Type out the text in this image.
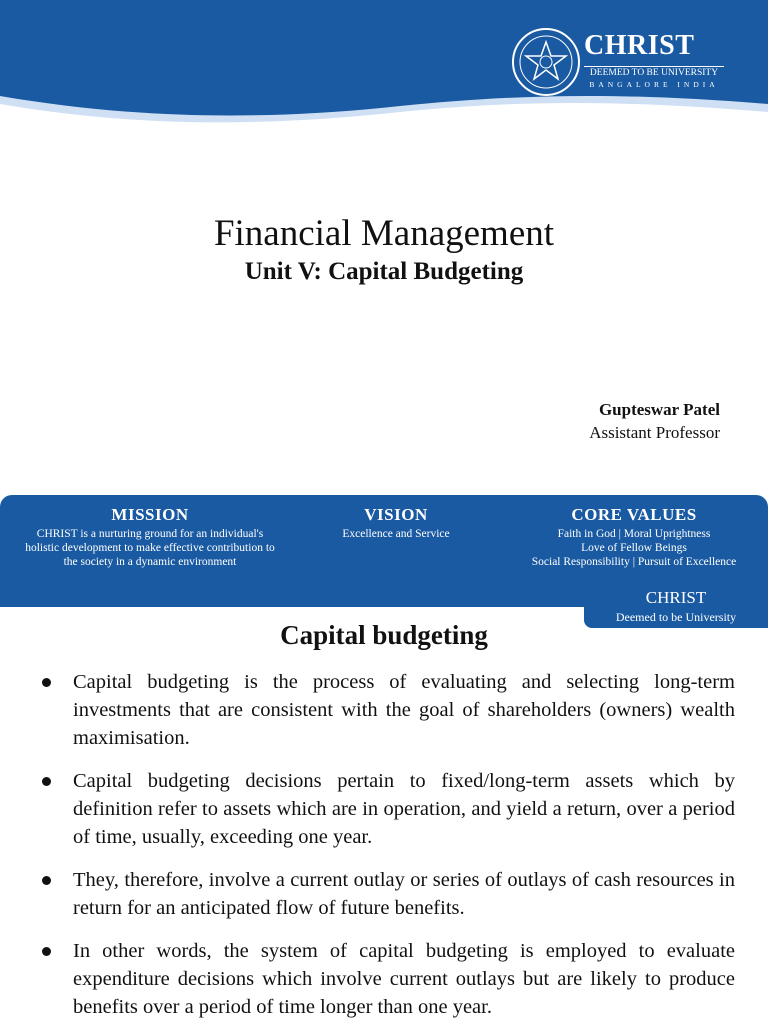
CHRIST
DEEMED TO BE UNIVERSITY
BANGALORE INDIA
Financial Management
Unit V: Capital Budgeting
Gupteswar Patel
Assistant Professor
MISSION

CHRIST is a nurturing ground for an individual's
holistic development to make effective contribution to
the society in a dynamic environment

VISION

Excellence and Service

CORE VALUES

Faith in God | Moral Uprightness
Love of Fellow Beings
Social Responsibility | Pursuit of Excellence

CHRIST
Deemed to be University
Capital budgeting
Capital budgeting is the process of evaluating and selecting long-term investments that are consistent with the goal of shareholders (owners) wealth maximisation.
Capital budgeting decisions pertain to fixed/long-term assets which by definition refer to assets which are in operation, and yield a return, over a period of time, usually, exceeding one year.
They, therefore, involve a current outlay or series of outlays of cash resources in return for an anticipated flow of future benefits.
In other words, the system of capital budgeting is employed to evaluate expenditure decisions which involve current outlays but are likely to produce benefits over a period of time longer than one year.
